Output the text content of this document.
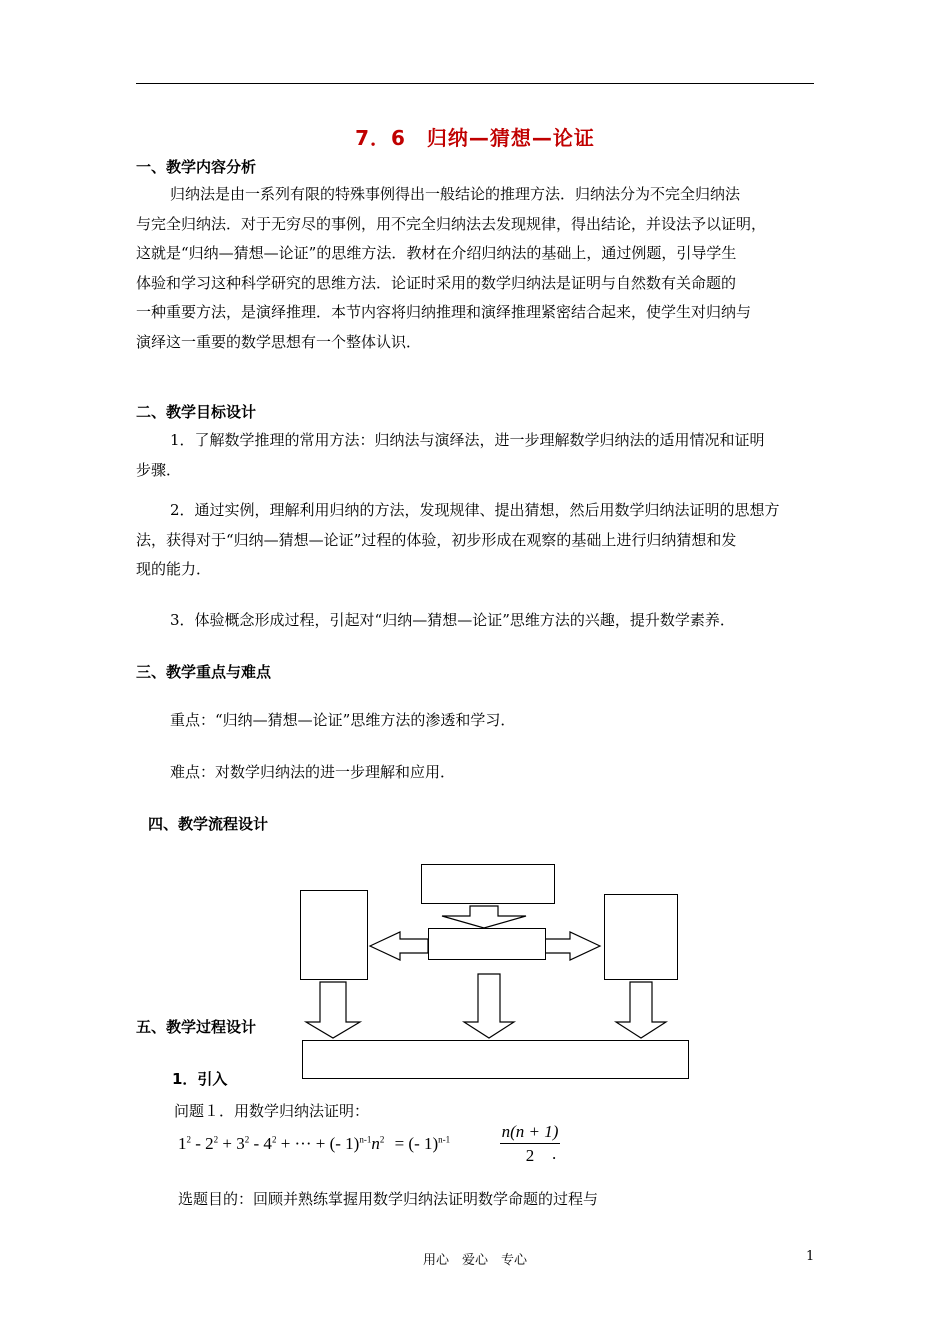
7．6　归纳—猜想—论证
一、教学内容分析
归纳法是由一系列有限的特殊事例得出一般结论的推理方法．归纳法分为不完全归纳法
与完全归纳法．对于无穷尽的事例，用不完全归纳法去发现规律，得出结论，并设法予以证明，
这就是“归纳—猜想—论证”的思维方法．教材在介绍归纳法的基础上，通过例题，引导学生
体验和学习这种科学研究的思维方法．论证时采用的数学归纳法是证明与自然数有关命题的
一种重要方法，是演绎推理．本节内容将归纳推理和演绎推理紧密结合起来，使学生对归纳与
演绎这一重要的数学思想有一个整体认识．
二、教学目标设计
1．了解数学推理的常用方法：归纳法与演绎法，进一步理解数学归纳法的适用情况和证明
步骤．
2．通过实例，理解利用归纳的方法，发现规律、提出猜想，然后用数学归纳法证明的思想方
法，获得对于“归纳—猜想—论证”过程的体验，初步形成在观察的基础上进行归纳猜想和发
现的能力．
3．体验概念形成过程，引起对“归纳—猜想—论证”思维方法的兴趣，提升数学素养．
三、教学重点与难点
重点：“归纳—猜想—论证”思维方法的渗透和学习．
难点：对数学归纳法的进一步理解和应用．
四、教学流程设计
五、教学过程设计
1．引入
问题１．用数学归纳法证明：
$1^2 - 2^2 + 3^2 - 4^2$ + ··· + (- $1)^{n-1}n^2$ = (- 1)$^{n-1}$	$\frac{n(n + 1)}{2}$
.
选题目的：回顾并熟练掌握用数学归纳法证明数学命题的过程与
用心　爱心　专心	1
